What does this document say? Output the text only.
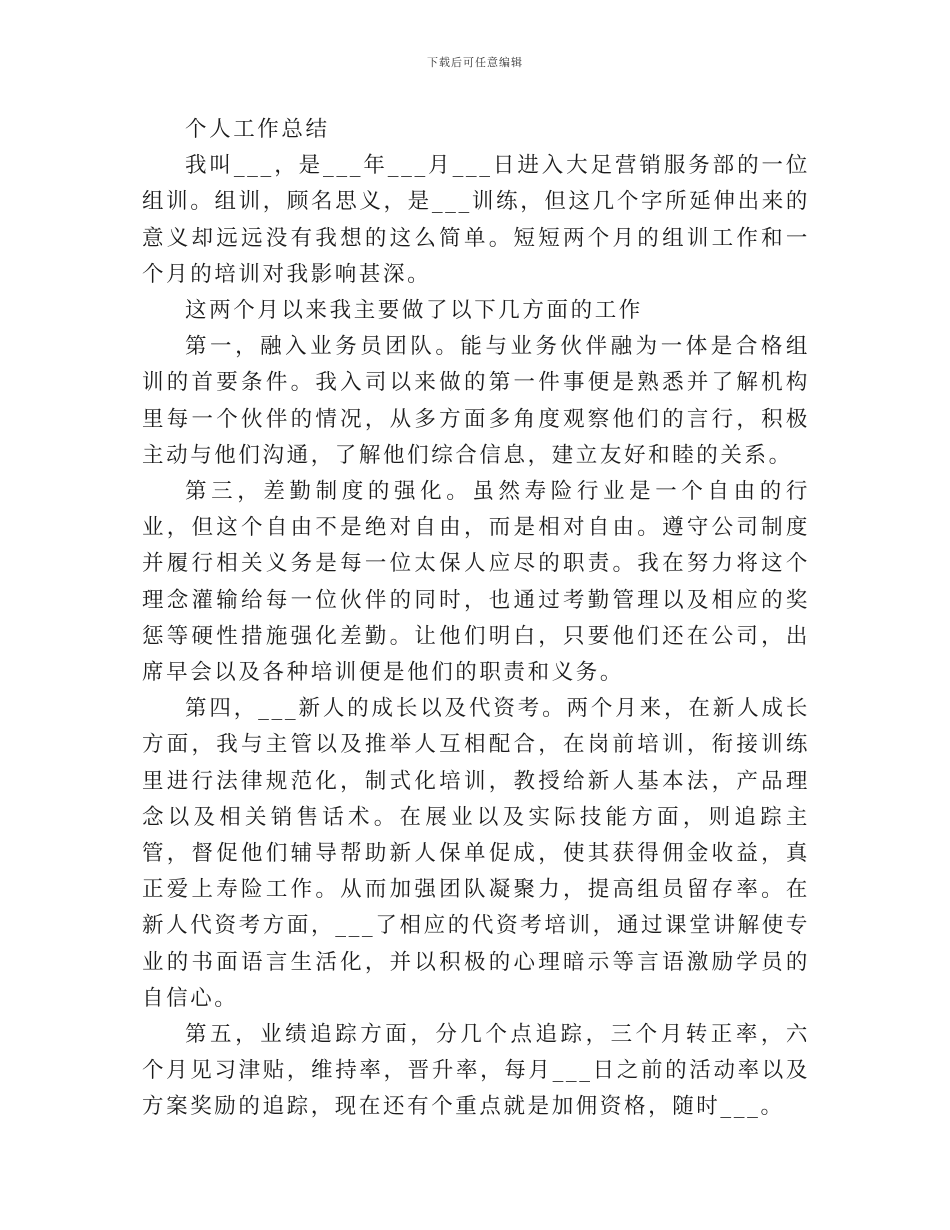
下载后可任意编辑

个人工作总结

我叫___，是___年___月___日进入大足营销服务部的一位组训。组训，顾名思义，是___训练，但这几个字所延伸出来的意义却远远没有我想的这么简单。短短两个月的组训工作和一个月的培训对我影响甚深。

这两个月以来我主要做了以下几方面的工作

第一，融入业务员团队。能与业务伙伴融为一体是合格组训的首要条件。我入司以来做的第一件事便是熟悉并了解机构里每一个伙伴的情况，从多方面多角度观察他们的言行，积极主动与他们沟通，了解他们综合信息，建立友好和睦的关系。

第三，差勤制度的强化。虽然寿险行业是一个自由的行业，但这个自由不是绝对自由，而是相对自由。遵守公司制度并履行相关义务是每一位太保人应尽的职责。我在努力将这个理念灌输给每一位伙伴的同时，也通过考勤管理以及相应的奖惩等硬性措施强化差勤。让他们明白，只要他们还在公司，出席早会以及各种培训便是他们的职责和义务。

第四，___新人的成长以及代资考。两个月来，在新人成长方面，我与主管以及推举人互相配合，在岗前培训，衔接训练里进行法律规范化，制式化培训，教授给新人基本法，产品理念以及相关销售话术。在展业以及实际技能方面，则追踪主管，督促他们辅导帮助新人保单促成，使其获得佣金收益，真正爱上寿险工作。从而加强团队凝聚力，提高组员留存率。在新人代资考方面，___了相应的代资考培训，通过课堂讲解使专业的书面语言生活化，并以积极的心理暗示等言语激励学员的自信心。

第五，业绩追踪方面，分几个点追踪，三个月转正率，六个月见习津贴，维持率，晋升率，每月___日之前的活动率以及方案奖励的追踪，现在还有个重点就是加佣资格，随时___。
